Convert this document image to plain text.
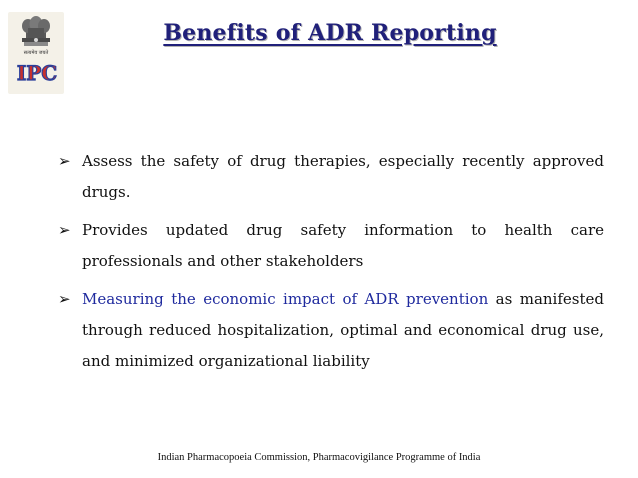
सत्यमेव जयते
IPC
Benefits of ADR Reporting
➢ Assess the safety of drug therapies, especially recently approved drugs.
➢ Provides updated drug safety information to health care professionals and other stakeholders
➢ Measuring the economic impact of ADR prevention as manifested through reduced hospitalization, optimal and economical drug use, and minimized organizational liability
Indian Pharmacopoeia Commission, Pharmacovigilance Programme of India
